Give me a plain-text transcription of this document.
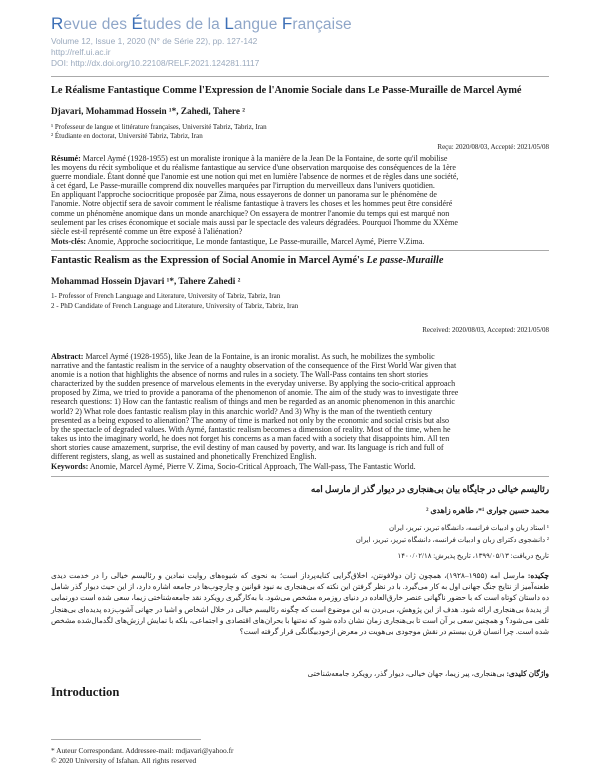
Revue des Études de la Langue Française
Volume 12, Issue 1, 2020 (N° de Série 22), pp. 127-142
http://relf.ui.ac.ir
DOI: http://dx.doi.org/10.22108/RELF.2021.124281.1117
Le Réalisme Fantastique Comme l'Expression de l'Anomie Sociale dans Le Passe-Muraille de Marcel Aymé
Djavari, Mohammad Hossein ¹*, Zahedi, Tahere ²
¹ Professeur de langue et littérature françaises, Université Tabriz, Tabriz, Iran
² Étudiante en doctorat, Université Tabriz, Tabriz, Iran
Reçu: 2020/08/03, Accepté: 2021/05/08
Résumé: Marcel Aymé (1928-1955) est un moraliste ironique à la manière de la Jean De la Fontaine, de sorte qu'il mobilise
les moyens du récit symbolique et du réalisme fantastique au service d'une observation marquoise des conséquences de la 1ère
guerre mondiale. Étant donné que l'anomie est une notion qui met en lumière l'absence de normes et de règles dans une société,
à cet égard, Le Passe-muraille comprend dix nouvelles marquées par l'irruption du merveilleux dans l'univers quotidien.
En appliquant l'approche sociocritique proposée par Zima, nous essayerons de donner un panorama sur le phénomène de
l'anomie. Notre objectif sera de savoir comment le réalisme fantastique à travers les choses et les hommes peut être considéré
comme un phénomène anomique dans un monde anarchique? On essayera de montrer l'anomie du temps qui est marqué non
seulement par les crises économique et sociale mais aussi par le spectacle des valeurs dégradées. Pourquoi l'homme du XXème
siècle est-il représenté comme un être exposé à l'aliénation?
Mots-clés: Anomie, Approche sociocritique, Le monde fantastique, Le Passe-muraille, Marcel Aymé, Pierre V.Zima.
Fantastic Realism as the Expression of Social Anomie in Marcel Aymé's Le passe-Muraille
Mohammad Hossein Djavari ¹*, Tahere Zahedi ²
1- Professor of French Language and Literature, University of Tabriz, Tabriz, Iran
2 - PhD Candidate of French Language and Literature, University of Tabriz, Tabriz, Iran
Received: 2020/08/03, Accepted: 2021/05/08
Abstract: Marcel Aymé (1928-1955), like Jean de la Fontaine, is an ironic moralist. As such, he mobilizes the symbolic
narrative and the fantastic realism in the service of a naughty observation of the consequence of the First World War given that
anomie is a notion that highlights the absence of norms and rules in a society. The Wall-Pass contains ten short stories
characterized by the sudden presence of marvelous elements in the everyday universe. By applying the socio-critical approach
proposed by Zima, we tried to provide a panorama of the phenomenon of anomie. The aim of the study was to investigate three
research questions: 1) How can the fantastic realism of things and men be regarded as an anomic phenomenon in this anarchic
world? 2) What role does fantastic realism play in this anarchic world? And 3) Why is the man of the twentieth century
presented as a being exposed to alienation? The anomy of time is marked not only by the economic and social crisis but also
by the spectacle of degraded values. With Aymé, fantastic realism becomes a dimension of reality. Most of the time, when he
takes us into the imaginary world, he does not forget his concerns as a man faced with a society that disappoints him. All ten
short stories cause amazement, surprise, the evil destiny of man caused by poverty, and war. Its language is rich and full of
different registers, slang, as well as sustained and phonetically Frenchized English.
Keywords: Anomie, Marcel Aymé, Pierre V. Zima, Socio-Critical Approach, The Wall-pass, The Fantastic World.
رئالیسم خیالی در جایگاه بیان بی‌هنجاری در دیوار گذر از مارسل امه
محمد حسین جواری ¹*، طاهره زاهدی ²
¹ استاد زبان و ادبیات فرانسه، دانشگاه تبریز، تبریز، ایران
² دانشجوی دکترای زبان و ادبیات فرانسه، دانشگاه تبریز، تبریز، ایران
تاریخ دریافت: ۱۳۹۹/۰۵/۱۳، تاریخ پذیرش: ۱۴۰۰/۰۲/۱۸
چکیده: مارسل امه (۱۹۵۵–۱۹۲۸)، همچون ژان دولافونتن، اخلاق‌گرایی کنایه‌پرداز است؛ به نحوی که شیوه‌های روایت نمادین و رئالیسم خیالی را در خدمت دیدی طعنه‌آمیز از نتایج جنگ جهانی اول به کار می‌گیرد. با در نظر گرفتن این نکته که بی‌هنجاری به نبود قوانین و چارچوب‌ها در جامعه اشاره دارد، از این حیث دیوار گذر شامل ده داستان کوتاه است که با حضور ناگهانی عنصر خارق‌العاده در دنیای روزمره مشخص می‌شود. با به‌کارگیری رویکرد نقد جامعه‌شناختی زیما، سعی شده است دورنمایی از پدیدهٔ بی‌هنجاری ارائه شود. هدف از این پژوهش، بی‌بردن به این موضوع است که چگونه رئالیسم خیالی در خلال اشخاص و اشیا در جهانی آشوب‌زده پدیده‌ای بی‌هنجار تلقی می‌شود؟ و همچنین سعی بر آن است تا بی‌هنجاری زمان نشان داده شود که نه‌تنها با بحران‌های اقتصادی و اجتماعی، بلکه با نمایش ارزش‌های لگدمال‌شده مشخص شده است. چرا انسان قرن بیستم در نقش موجودی بی‌هویت در معرض ازخودبیگانگی قرار گرفته است؟
واژگان کلیدی: بی‌هنجاری، پیر زیما، جهان خیالی، دیوار گذر، رویکرد جامعه‌شناختی
Introduction
* Auteur Correspondant. Addressee-mail: mdjavari@yahoo.fr
© 2020 University of Isfahan. All rights reserved
